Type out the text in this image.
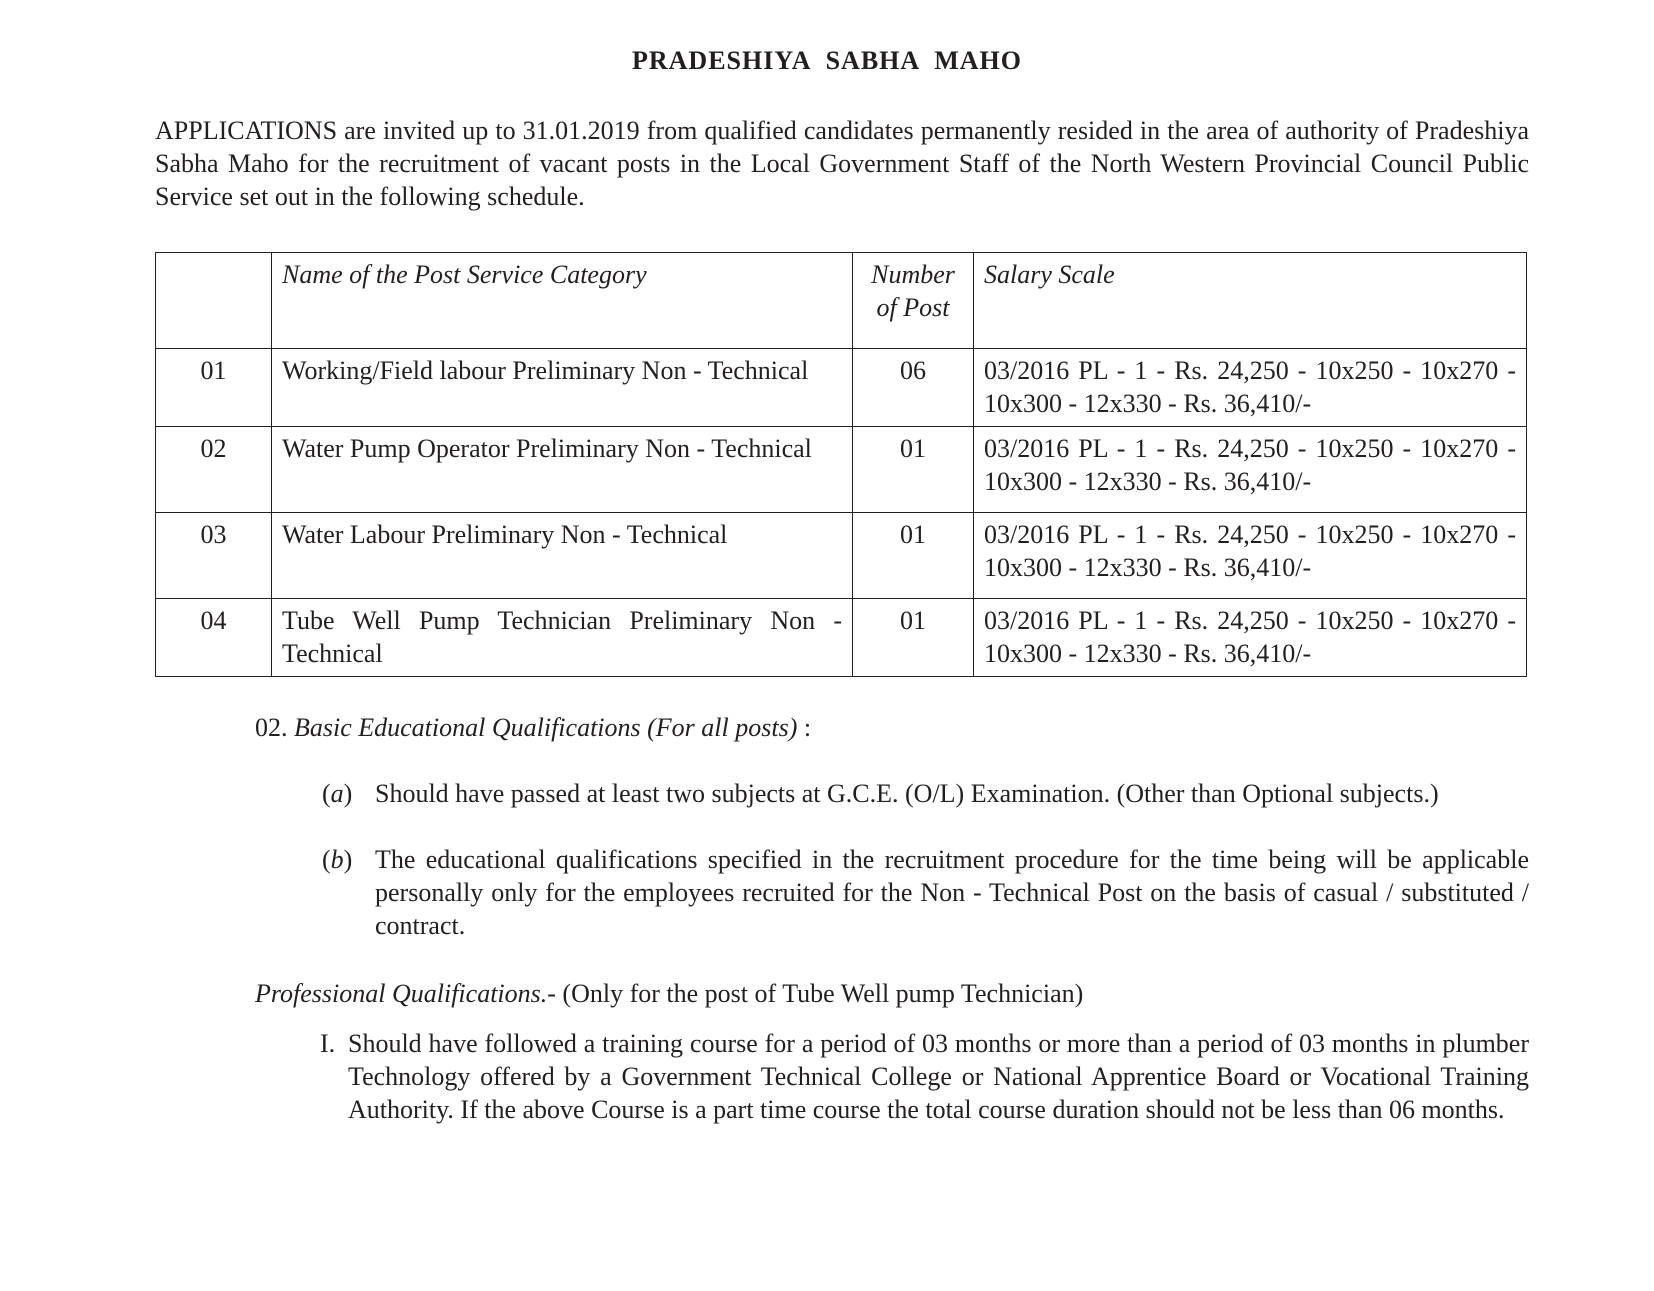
PRADESHIYA SABHA MAHO
APPLICATIONS are invited up to 31.01.2019 from qualified candidates permanently resided in the area of authority of Pradeshiya Sabha Maho for the recruitment of vacant posts in the Local Government Staff of the North Western Provincial Council Public Service set out in the following schedule.
	Name of the Post Service Category	Number of Post	Salary Scale
01	Working/Field labour Preliminary Non - Technical	06	03/2016 PL - 1 - Rs. 24,250 - 10x250 - 10x270 - 10x300 - 12x330 - Rs. 36,410/-
02	Water Pump Operator Preliminary Non - Technical	01	03/2016 PL - 1 - Rs. 24,250 - 10x250 - 10x270 - 10x300 - 12x330 - Rs. 36,410/-
03	Water Labour Preliminary Non - Technical	01	03/2016 PL - 1 - Rs. 24,250 - 10x250 - 10x270 - 10x300 - 12x330 - Rs. 36,410/-
04	Tube Well Pump Technician Preliminary Non - Technical	01	03/2016 PL - 1 - Rs. 24,250 - 10x250 - 10x270 - 10x300 - 12x330 - Rs. 36,410/-
02. Basic Educational Qualifications (For all posts) :
(a) Should have passed at least two subjects at G.C.E. (O/L) Examination. (Other than Optional subjects.)
(b) The educational qualifications specified in the recruitment procedure for the time being will be applicable personally only for the employees recruited for the Non - Technical Post on the basis of casual / substituted / contract.
Professional Qualifications.- (Only for the post of Tube Well pump Technician)
I. Should have followed a training course for a period of 03 months or more than a period of 03 months in plumber Technology offered by a Government Technical College or National Apprentice Board or Vocational Training Authority. If the above Course is a part time course the total course duration should not be less than 06 months.
